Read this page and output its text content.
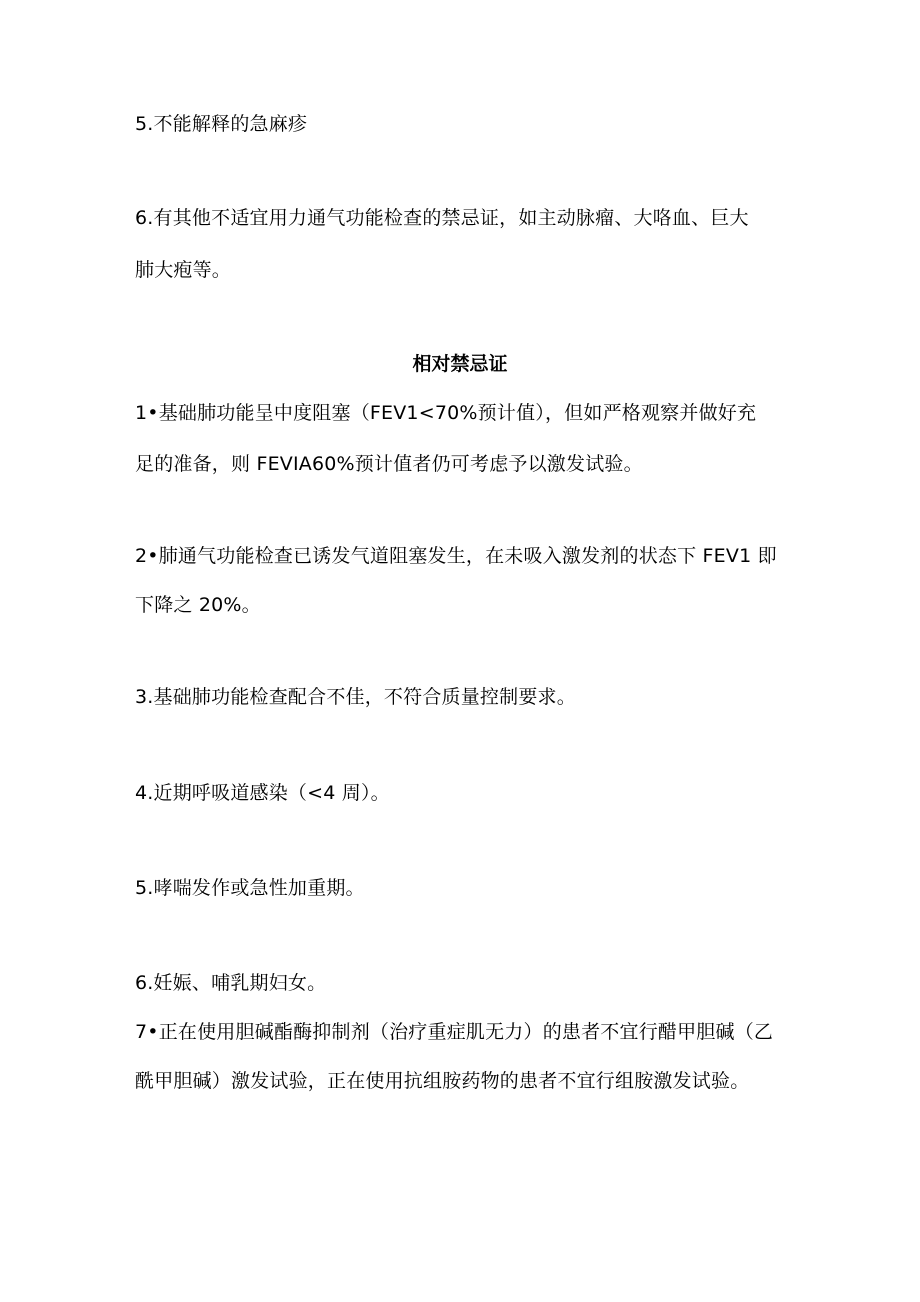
5.不能解释的急麻疹
6.有其他不适宜用力通气功能检查的禁忌证，如主动脉瘤、大咯血、巨大
肺大疱等。
相对禁忌证
1•基础肺功能呈中度阻塞（FEV1<70%预计值），但如严格观察并做好充
足的准备，则 FEVIA60%预计值者仍可考虑予以激发试验。
2•肺通气功能检查已诱发气道阻塞发生，在未吸入激发剂的状态下 FEV1 即
下降之 20%。
3.基础肺功能检查配合不佳，不符合质量控制要求。
4.近期呼吸道感染（<4 周）。
5.哮喘发作或急性加重期。
6.妊娠、哺乳期妇女。
7•正在使用胆碱酯酶抑制剂（治疗重症肌无力）的患者不宜行醋甲胆碱（乙
酰甲胆碱）激发试验，正在使用抗组胺药物的患者不宜行组胺激发试验。
